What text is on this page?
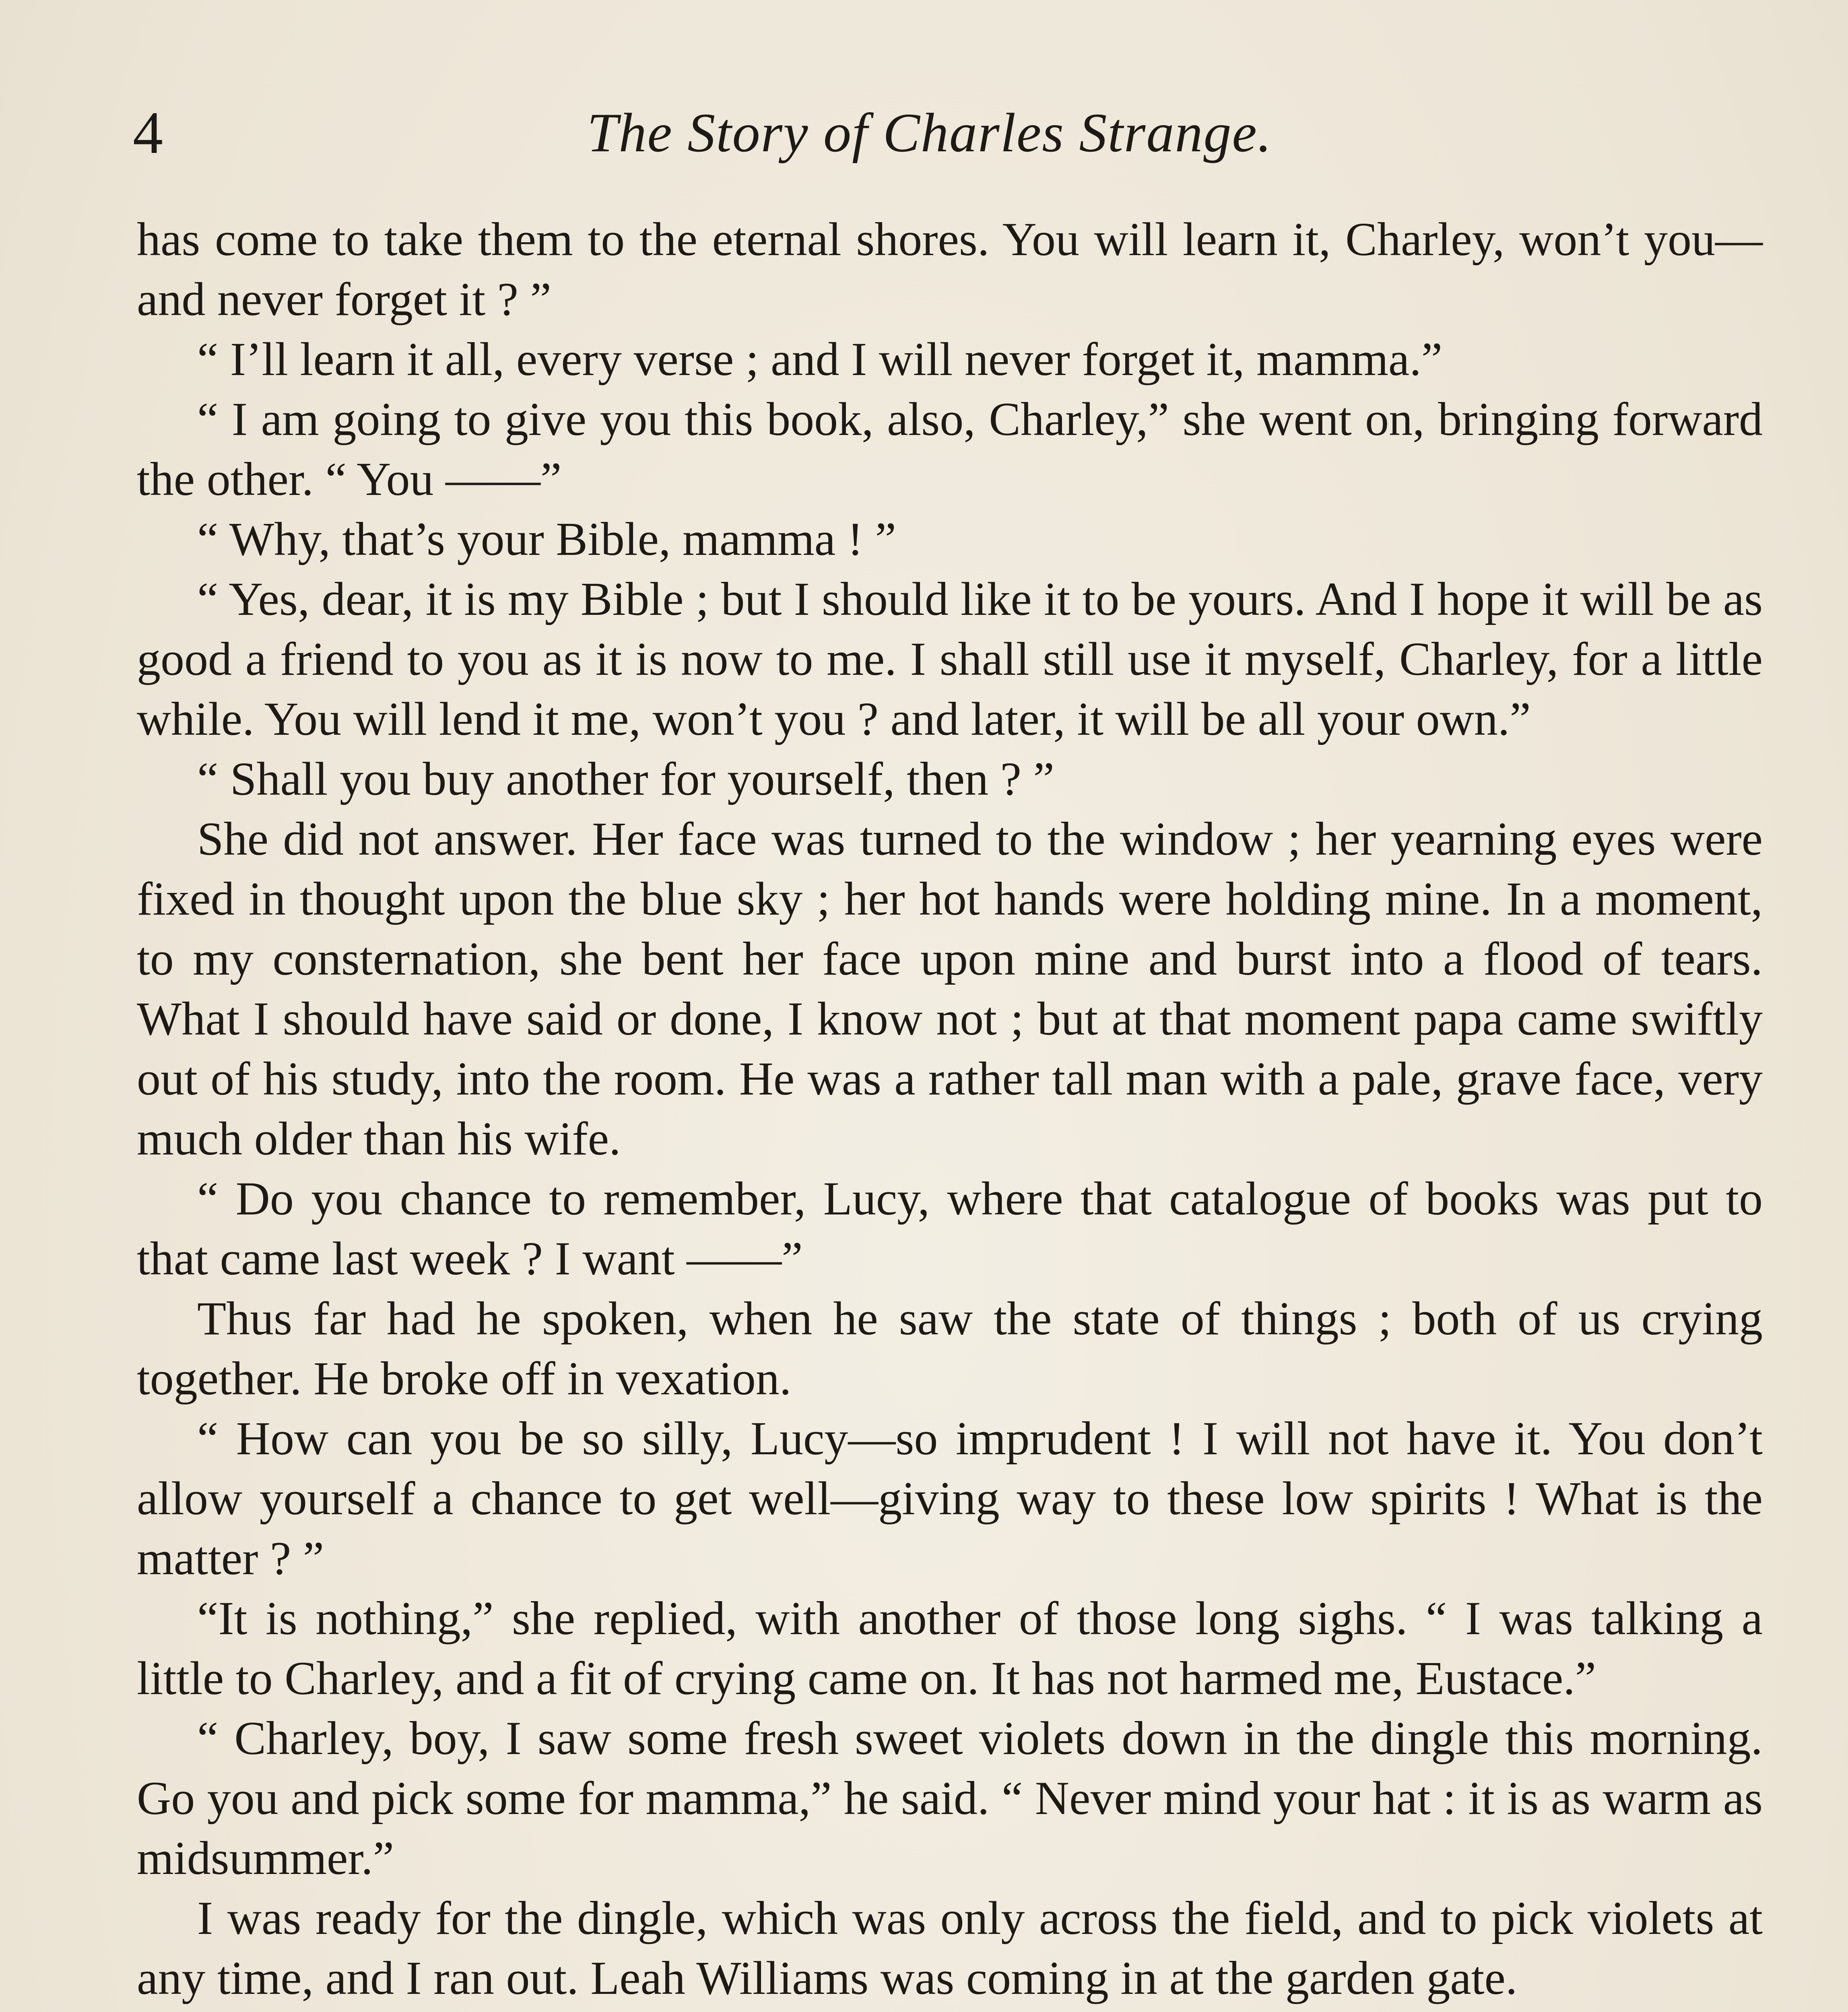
4	The Story of Charles Strange.

has come to take them to the eternal shores. You will learn it, Charley, won’t you—and never forget it ? ”

“ I’ll learn it all, every verse ; and I will never forget it, mamma.”

“ I am going to give you this book, also, Charley,” she went on, bringing forward the other. “ You ——”

“ Why, that’s your Bible, mamma ! ”

“ Yes, dear, it is my Bible ; but I should like it to be yours. And I hope it will be as good a friend to you as it is now to me. I shall still use it myself, Charley, for a little while. You will lend it me, won’t you ? and later, it will be all your own.”

“ Shall you buy another for yourself, then ? ”

She did not answer. Her face was turned to the window ; her yearning eyes were fixed in thought upon the blue sky ; her hot hands were holding mine. In a moment, to my consternation, she bent her face upon mine and burst into a flood of tears. What I should have said or done, I know not ; but at that moment papa came swiftly out of his study, into the room. He was a rather tall man with a pale, grave face, very much older than his wife.

“ Do you chance to remember, Lucy, where that catalogue of books was put to that came last week ? I want ——”

Thus far had he spoken, when he saw the state of things ; both of us crying together. He broke off in vexation.

“ How can you be so silly, Lucy—so imprudent ! I will not have it. You don’t allow yourself a chance to get well—giving way to these low spirits ! What is the matter ? ”

“It is nothing,” she replied, with another of those long sighs. “ I was talking a little to Charley, and a fit of crying came on. It has not harmed me, Eustace.”

“ Charley, boy, I saw some fresh sweet violets down in the dingle this morning. Go you and pick some for mamma,” he said. “ Never mind your hat : it is as warm as midsummer.”

I was ready for the dingle, which was only across the field, and to pick violets at any time, and I ran out. Leah Williams was coming in at the garden gate.
